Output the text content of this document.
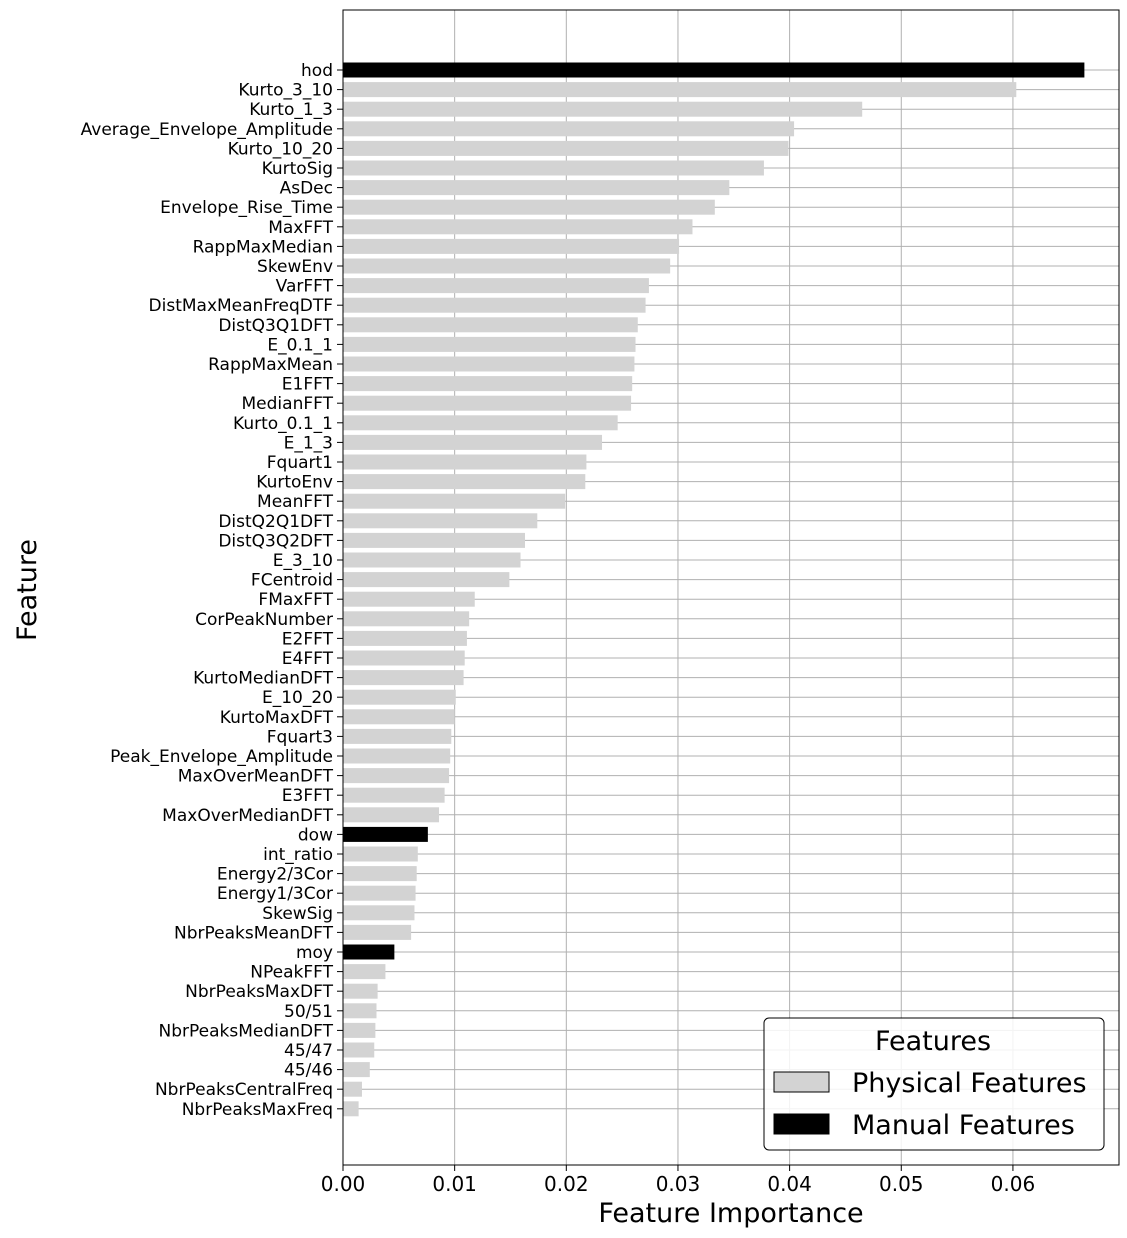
hod
Kurto_3_10
Kurto_1_3
Average_Envelope_Amplitude
Kurto_10_20
KurtoSig
AsDec
Envelope_Rise_Time
MaxFFT
RappMaxMedian
SkewEnv
VarFFT
DistMaxMeanFreqDTF
DistQ3Q1DFT
E_0.1_1
RappMaxMean
E1FFT
MedianFFT
Kurto_0.1_1
E_1_3
Fquart1
KurtoEnv
MeanFFT
DistQ2Q1DFT
DistQ3Q2DFT
E_3_10
FCentroid
FMaxFFT
CorPeakNumber
E2FFT
E4FFT
KurtoMedianDFT
E_10_20
KurtoMaxDFT
Fquart3
Peak_Envelope_Amplitude
MaxOverMeanDFT
E3FFT
MaxOverMedianDFT
dow
int_ratio
Energy2/3Cor
Energy1/3Cor
SkewSig
NbrPeaksMeanDFT
moy
NPeakFFT
NbrPeaksMaxDFT
50/51
NbrPeaksMedianDFT
45/47
45/46
NbrPeaksCentralFreq
NbrPeaksMaxFreq
0.00	0.01	0.02	0.03	0.04	0.05	0.06
Feature Importance
Feature
Features
Physical Features
Manual Features
